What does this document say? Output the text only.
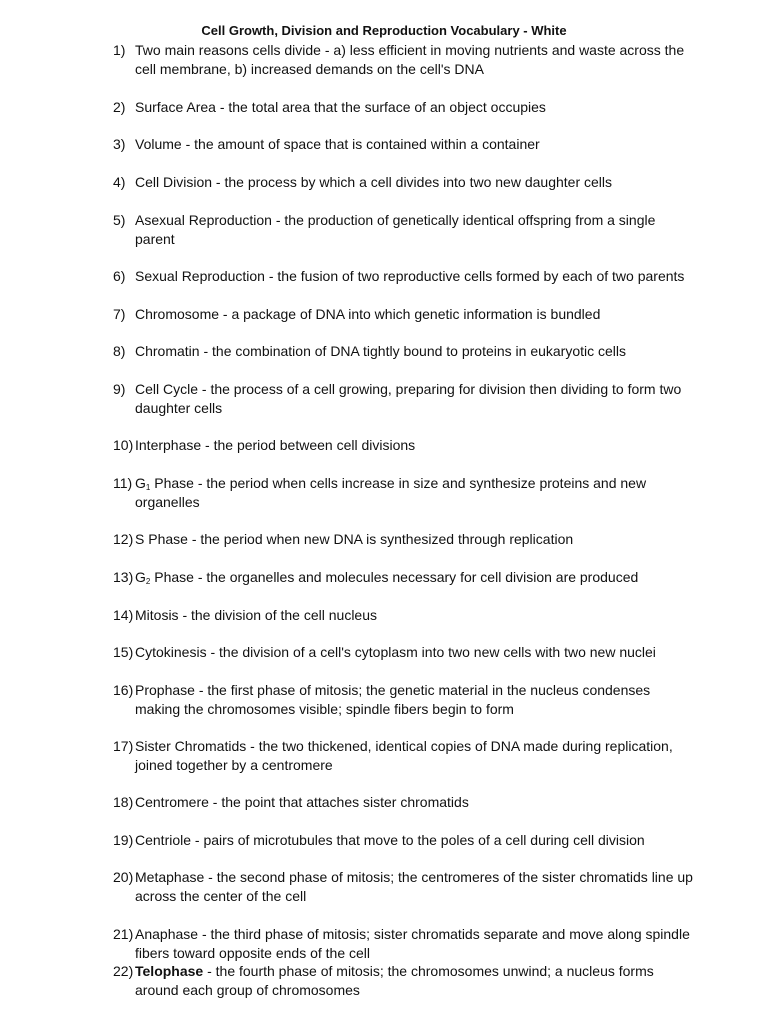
Cell Growth, Division and Reproduction Vocabulary - White
1) Two main reasons cells divide - a) less efficient in moving nutrients and waste across the cell membrane, b) increased demands on the cell's DNA
2) Surface Area - the total area that the surface of an object occupies
3) Volume - the amount of space that is contained within a container
4) Cell Division - the process by which a cell divides into two new daughter cells
5) Asexual Reproduction - the production of genetically identical offspring from a single parent
6) Sexual Reproduction - the fusion of two reproductive cells formed by each of two parents
7) Chromosome - a package of DNA into which genetic information is bundled
8) Chromatin - the combination of DNA tightly bound to proteins in eukaryotic cells
9) Cell Cycle - the process of a cell growing, preparing for division then dividing to form two daughter cells
10) Interphase - the period between cell divisions
11) $G_1$ Phase - the period when cells increase in size and synthesize proteins and new organelles
12) S Phase - the period when new DNA is synthesized through replication
13) $G_2$ Phase - the organelles and molecules necessary for cell division are produced
14) Mitosis - the division of the cell nucleus
15) Cytokinesis - the division of a cell's cytoplasm into two new cells with two new nuclei
16) Prophase - the first phase of mitosis; the genetic material in the nucleus condenses making the chromosomes visible; spindle fibers begin to form
17) Sister Chromatids - the two thickened, identical copies of DNA made during replication, joined together by a centromere
18) Centromere - the point that attaches sister chromatids
19) Centriole - pairs of microtubules that move to the poles of a cell during cell division
20) Metaphase - the second phase of mitosis; the centromeres of the sister chromatids line up across the center of the cell
21) Anaphase - the third phase of mitosis; sister chromatids separate and move along spindle fibers toward opposite ends of the cell
22) Telophase - the fourth phase of mitosis; the chromosomes unwind; a nucleus forms around each group of chromosomes
